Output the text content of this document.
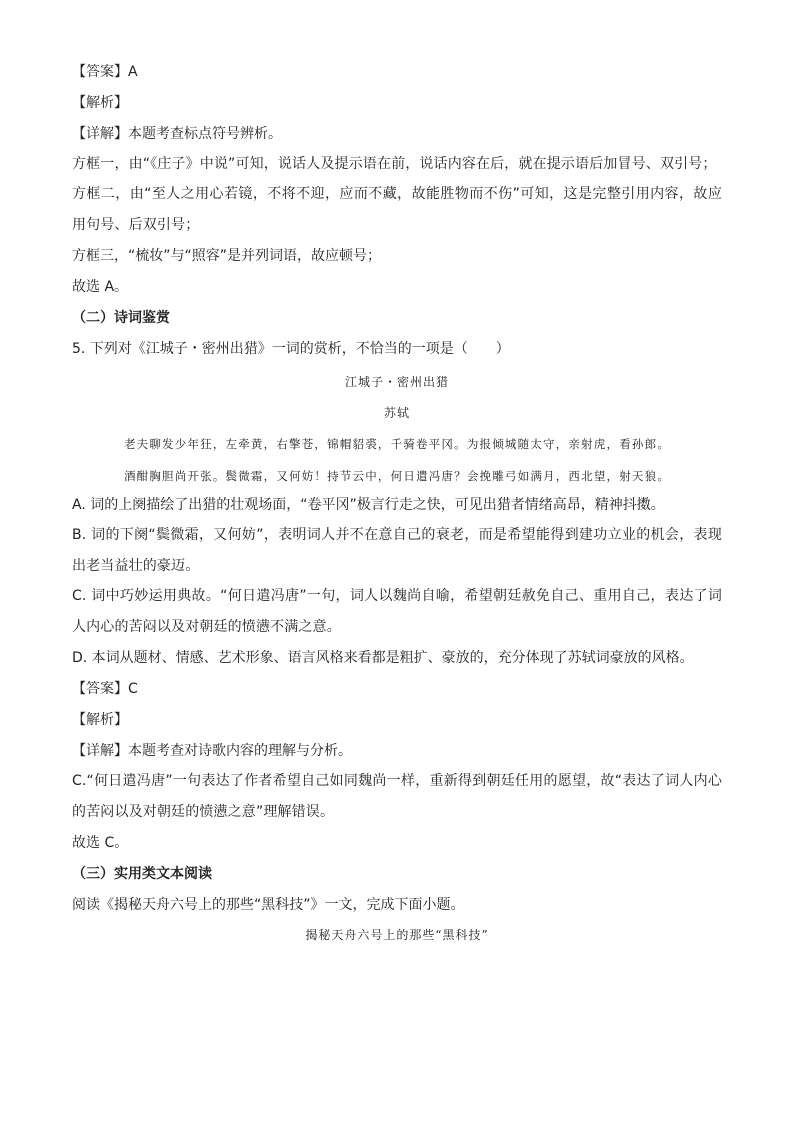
【答案】A
【解析】
【详解】本题考查标点符号辨析。
方框一，由“《庄子》中说”可知，说话人及提示语在前，说话内容在后，就在提示语后加冒号、双引号；
方框二，由“至人之用心若镜，不将不迎，应而不藏，故能胜物而不伤”可知，这是完整引用内容，故应用句号、后双引号；
方框三，“梳妆”与“照容”是并列词语，故应顿号；
故选 A。
（二）诗词鉴赏
5. 下列对《江城子・密州出猎》一词的赏析，不恰当的一项是（　　）
江城子・密州出猎
苏轼
老夫聊发少年狂，左牵黄，右擎苍，锦帽貂裘，千骑卷平冈。为报倾城随太守，亲射虎，看孙郎。
酒酣胸胆尚开张。鬓微霜，又何妨！持节云中，何日遣冯唐？会挽雕弓如满月，西北望，射天狼。
A. 词的上阕描绘了出猎的壮观场面，“卷平冈”极言行走之快，可见出猎者情绪高昂，精神抖擞。
B. 词的下阕“鬓微霜，又何妨”，表明词人并不在意自己的衰老，而是希望能得到建功立业的机会，表现出老当益壮的豪迈。
C. 词中巧妙运用典故。“何日遣冯唐”一句，词人以魏尚自喻，希望朝廷赦免自己、重用自己，表达了词人内心的苦闷以及对朝廷的愤懑不满之意。
D. 本词从题材、情感、艺术形象、语言风格来看都是粗扩、豪放的，充分体现了苏轼词豪放的风格。
【答案】C
【解析】
【详解】本题考查对诗歌内容的理解与分析。
C.“何日遣冯唐”一句表达了作者希望自己如同魏尚一样，重新得到朝廷任用的愿望，故“表达了词人内心的苦闷以及对朝廷的愤懑之意”理解错误。
故选 C。
（三）实用类文本阅读
阅读《揭秘天舟六号上的那些“黑科技”》一文，完成下面小题。
揭秘天舟六号上的那些“黑科技”
